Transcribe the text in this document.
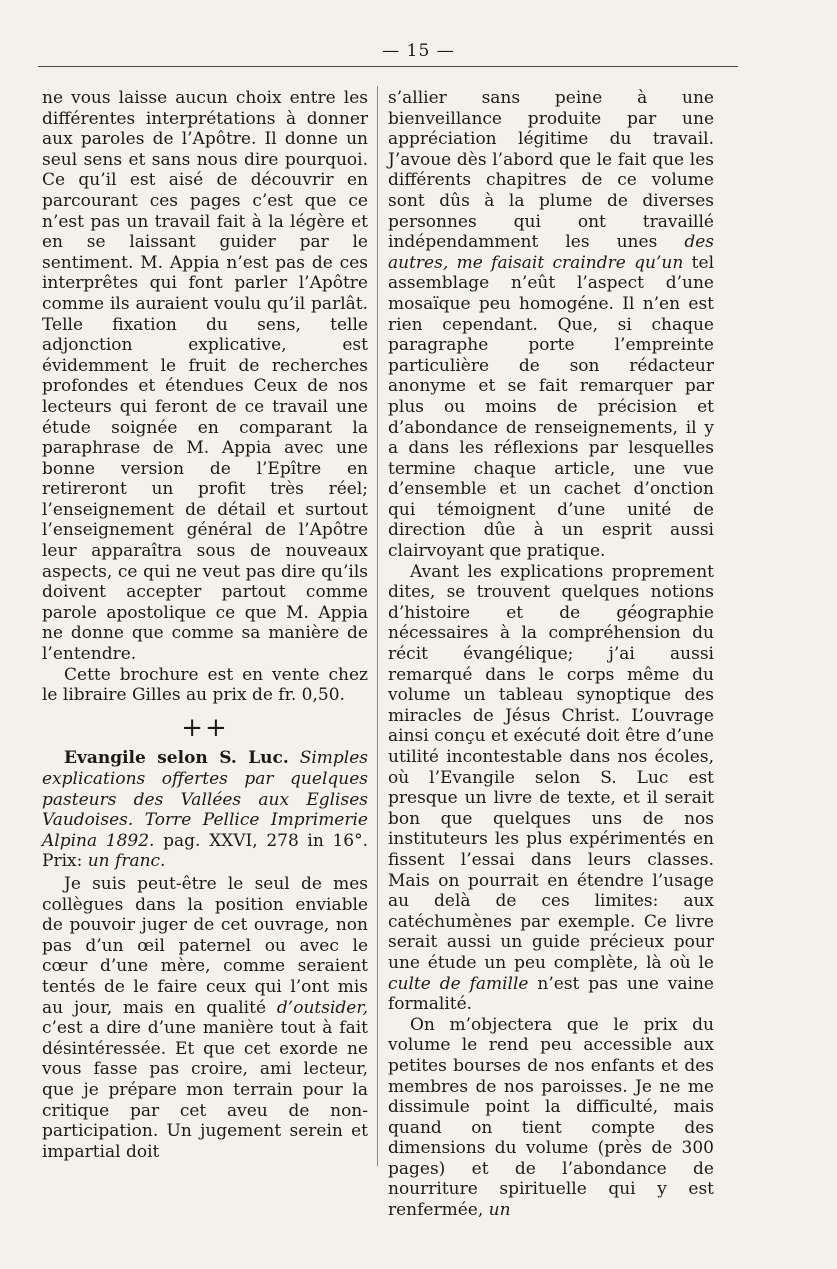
— 15 —

ne vous laisse aucun choix entre les différentes interprétations à donner aux paroles de l’Apôtre. Il donne un seul sens et sans nous dire pourquoi. Ce qu’il est aisé de découvrir en parcourant ces pages c’est que ce n’est pas un travail fait à la légère et en se laissant guider par le sentiment. M. Appia n’est pas de ces interprêtes qui font parler l’Apôtre comme ils auraient voulu qu’il parlât. Telle fixation du sens, telle adjonction explicative, est évidemment le fruit de recherches profondes et étendues Ceux de nos lecteurs qui feront de ce travail une étude soignée en comparant la paraphrase de M. Appia avec une bonne version de l’Epître en retireront un profit très réel; l’enseignement de détail et surtout l’enseignement général de l’Apôtre leur apparaîtra sous de nouveaux aspects, ce qui ne veut pas dire qu’ils doivent accepter partout comme parole apostolique ce que M. Appia ne donne que comme sa manière de l’entendre.

Cette brochure est en vente chez le libraire Gilles au prix de fr. 0,50.

++

Evangile selon S. Luc. Simples explications offertes par quelques pasteurs des Vallées aux Eglises Vaudoises. Torre Pellice Imprimerie Alpina 1892. pag. XXVI, 278 in 16°. Prix: un franc.

Je suis peut-être le seul de mes collègues dans la position enviable de pouvoir juger de cet ouvrage, non pas d’un œil paternel ou avec le cœur d’une mère, comme seraient tentés de le faire ceux qui l’ont mis au jour, mais en qualité d’outsider, c’est a dire d’une manière tout à fait désintéressée. Et que cet exorde ne vous fasse pas croire, ami lecteur, que je prépare mon terrain pour la critique par cet aveu de non-participation. Un jugement serein et impartial doit

s’allier sans peine à une bienveillance produite par une appréciation légitime du travail. J’avoue dès l’abord que le fait que les différents chapitres de ce volume sont dûs à la plume de diverses personnes qui ont travaillé indépendamment les unes des autres, me faisait craindre qu’un tel assemblage n’eût l’aspect d’une mosaïque peu homogéne. Il n’en est rien cependant. Que, si chaque paragraphe porte l’empreinte particulière de son rédacteur anonyme et se fait remarquer par plus ou moins de précision et d’abondance de renseignements, il y a dans les réflexions par lesquelles termine chaque article, une vue d’ensemble et un cachet d’onction qui témoignent d’une unité de direction dûe à un esprit aussi clairvoyant que pratique.

Avant les explications proprement dites, se trouvent quelques notions d’histoire et de géographie nécessaires à la compréhension du récit évangélique; j’ai aussi remarqué dans le corps même du volume un tableau synoptique des miracles de Jésus Christ. L’ouvrage ainsi conçu et exécuté doit être d’une utilité incontestable dans nos écoles, où l’Evangile selon S. Luc est presque un livre de texte, et il serait bon que quelques uns de nos instituteurs les plus expérimentés en fissent l’essai dans leurs classes. Mais on pourrait en étendre l’usage au delà de ces limites: aux catéchumènes par exemple. Ce livre serait aussi un guide précieux pour une étude un peu complète, là où le culte de famille n’est pas une vaine formalité.

On m’objectera que le prix du volume le rend peu accessible aux petites bourses de nos enfants et des membres de nos paroisses. Je ne me dissimule point la difficulté, mais quand on tient compte des dimensions du volume (près de 300 pages) et de l’abondance de nourriture spirituelle qui y est renfermée, un
